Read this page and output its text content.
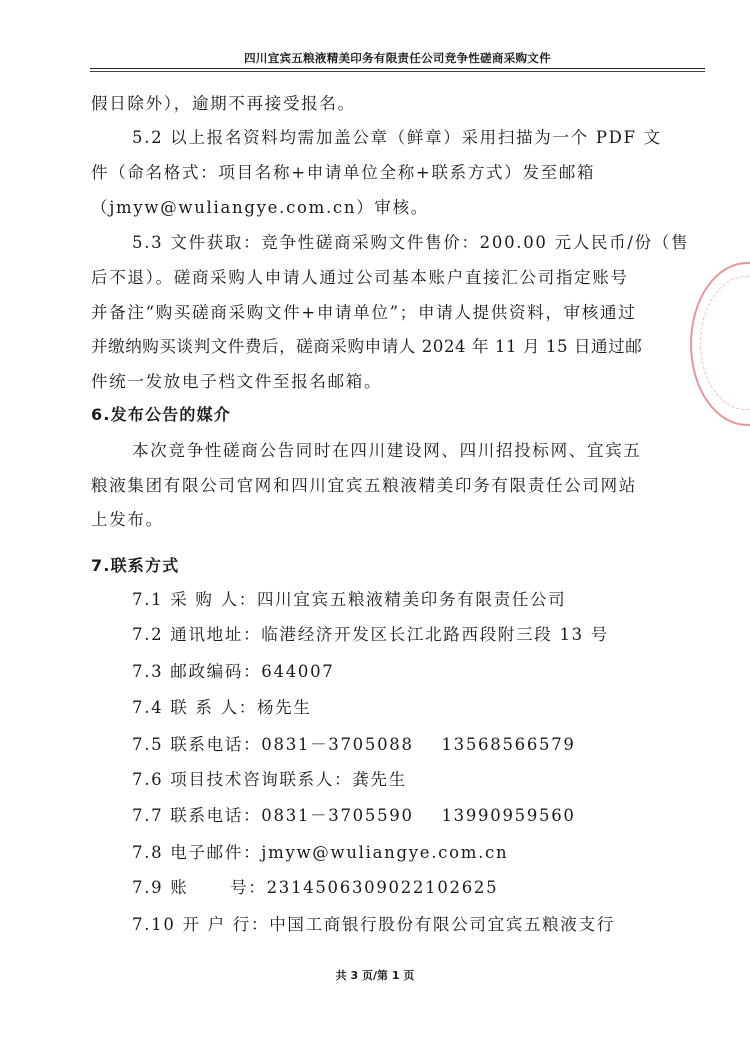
四川宜宾五粮液精美印务有限责任公司竞争性磋商采购文件
假日除外），逾期不再接受报名。
5.2 以上报名资料均需加盖公章（鲜章）采用扫描为一个 PDF 文
件（命名格式：项目名称+申请单位全称+联系方式）发至邮箱
（jmyw@wuliangye.com.cn）审核。
5.3 文件获取：竞争性磋商采购文件售价：200.00 元人民币/份（售
后不退）。磋商采购人申请人通过公司基本账户直接汇公司指定账号
并备注“购买磋商采购文件+申请单位”；申请人提供资料，审核通过
并缴纳购买谈判文件费后，磋商采购申请人 2024 年 11 月 15 日通过邮
件统一发放电子档文件至报名邮箱。
6.发布公告的媒介
本次竞争性磋商公告同时在四川建设网、四川招投标网、宜宾五
粮液集团有限公司官网和四川宜宾五粮液精美印务有限责任公司网站
上发布。
7.联系方式
7.1 采 购 人：四川宜宾五粮液精美印务有限责任公司
7.2 通讯地址：临港经济开发区长江北路西段附三段 13 号
7.3 邮政编码：644007
7.4 联 系 人：杨先生
7.5 联系电话：0831－3705088    13568566579
7.6 项目技术咨询联系人：龚先生
7.7 联系电话：0831－3705590    13990959560
7.8 电子邮件：jmyw@wuliangye.com.cn
7.9 账      号：2314506309022102625
7.10 开 户 行：中国工商银行股份有限公司宜宾五粮液支行
共 3 页/第 1 页
